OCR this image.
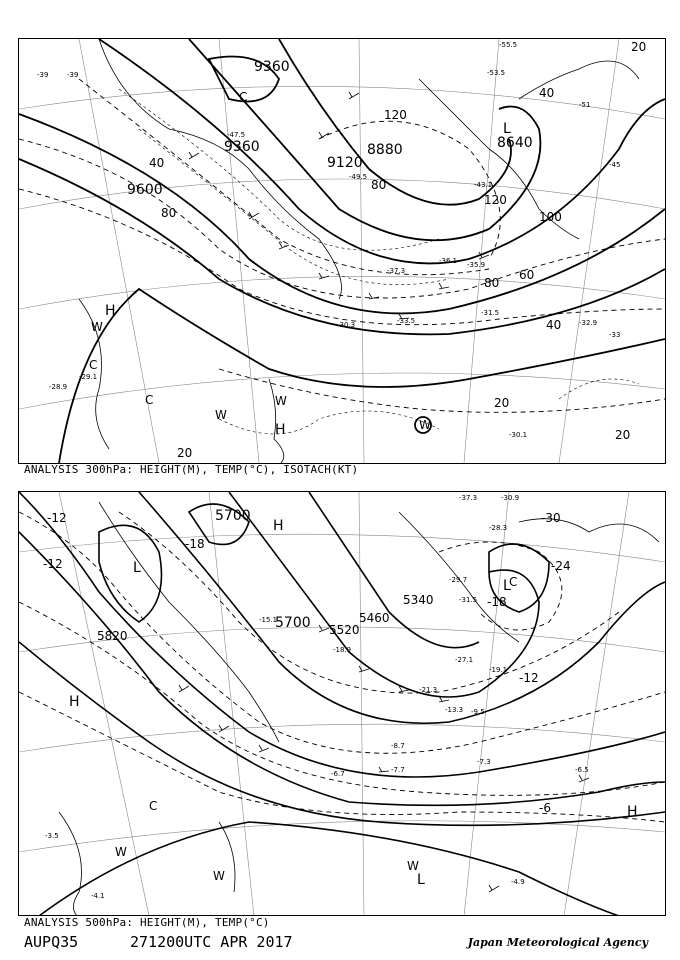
9360
9360
9600
9120
8880	8640
40
80
120
120
40
80
60
40
20
20
20
20
100
80
H
L
C
C
C
W
W
W
H	W
-39	-39
-47.5
-36.1 -35.9
-37.3
-33.5
-31.5
-30.3
-29.1
-28.9
-30.1
-32.9
-33
-51
-55.5
-53.5
-49.5
-45
-43.1
ANALYSIS 300hPa: HEIGHT(M), TEMP(°C), ISOTACH(KT)
5700
5700 5520
5340
5820
5460
-12
-12
-18
-24
-30
-6
-18
-12
L
H
H
H
L
C
C
W
W
W
L
-37.3	-30.9
-28.3
-19.1
-27.1
-21.3
-13.3 -9.5
-8.7
-7.7
-7.3
-6.5
-6.7
-4.9
-4.1
-3.5
-15.1
-18.9
-29.7
-31.5
ANALYSIS 500hPa: HEIGHT(M), TEMP(°C)
AUPQ35	271200UTC APR 2017	Japan Meteorological Agency
